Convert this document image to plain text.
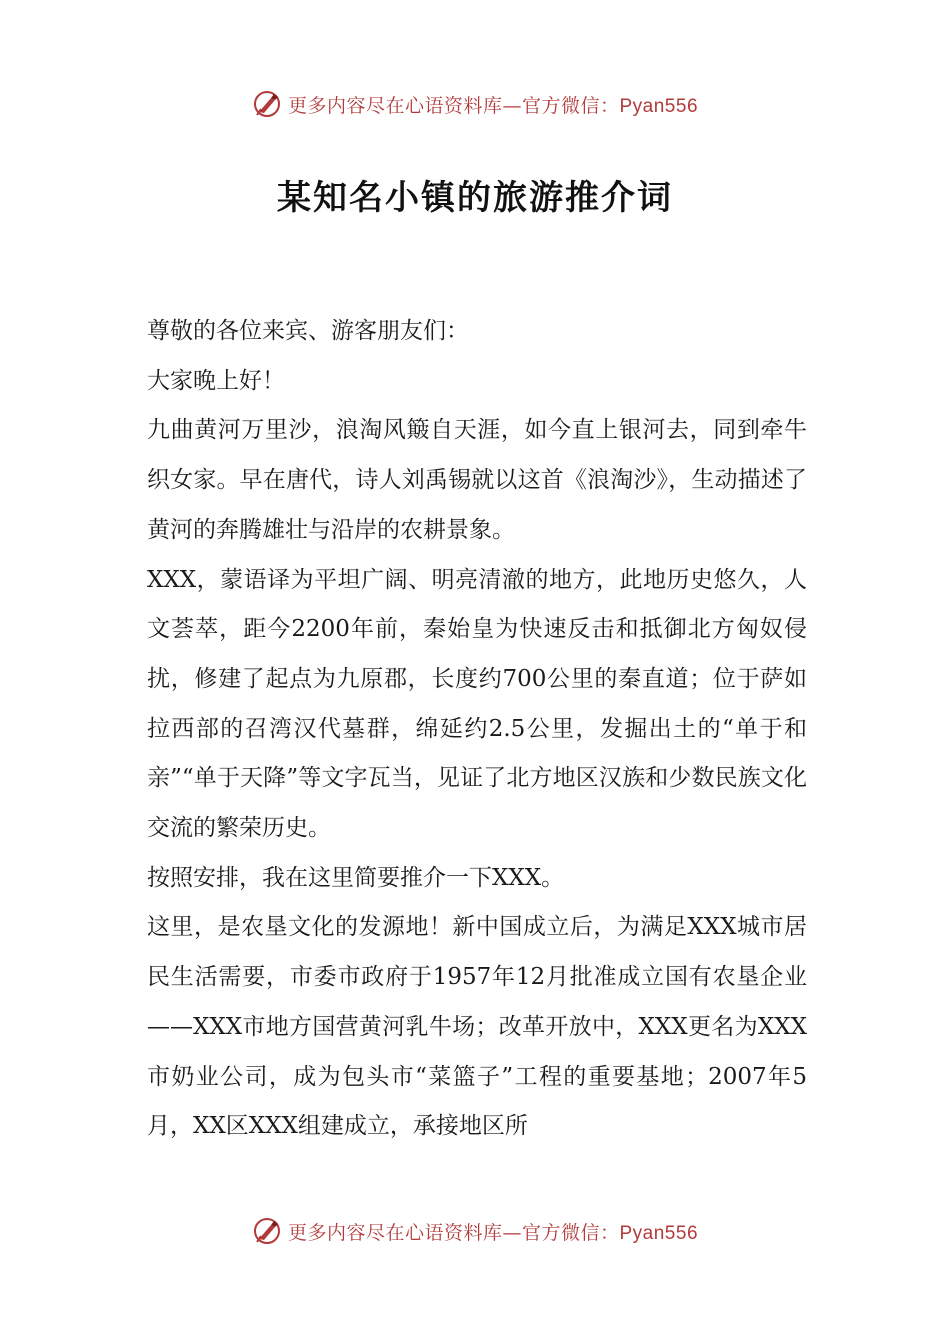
更多内容尽在心语资料库—官方微信：Pyan556
某知名小镇的旅游推介词

尊敬的各位来宾、游客朋友们：

大家晚上好！

九曲黄河万里沙，浪淘风簸自天涯，如今直上银河去，同到牵牛织女家。早在唐代，诗人刘禹锡就以这首《浪淘沙》，生动描述了黄河的奔腾雄壮与沿岸的农耕景象。

XXX，蒙语译为平坦广阔、明亮清澈的地方，此地历史悠久，人文荟萃，距今2200年前，秦始皇为快速反击和抵御北方匈奴侵扰，修建了起点为九原郡，长度约700公里的秦直道；位于萨如拉西部的召湾汉代墓群，绵延约2.5公里，发掘出土的“单于和亲”“单于天降”等文字瓦当，见证了北方地区汉族和少数民族文化交流的繁荣历史。

按照安排，我在这里简要推介一下XXX。

这里，是农垦文化的发源地！新中国成立后，为满足XXX城市居民生活需要，市委市政府于1957年12月批准成立国有农垦企业——XXX市地方国营黄河乳牛场；改革开放中，XXX更名为XXX市奶业公司，成为包头市“菜篮子”工程的重要基地；2007年5月，XX区XXX组建成立，承接地区所

更多内容尽在心语资料库—官方微信：Pyan556
